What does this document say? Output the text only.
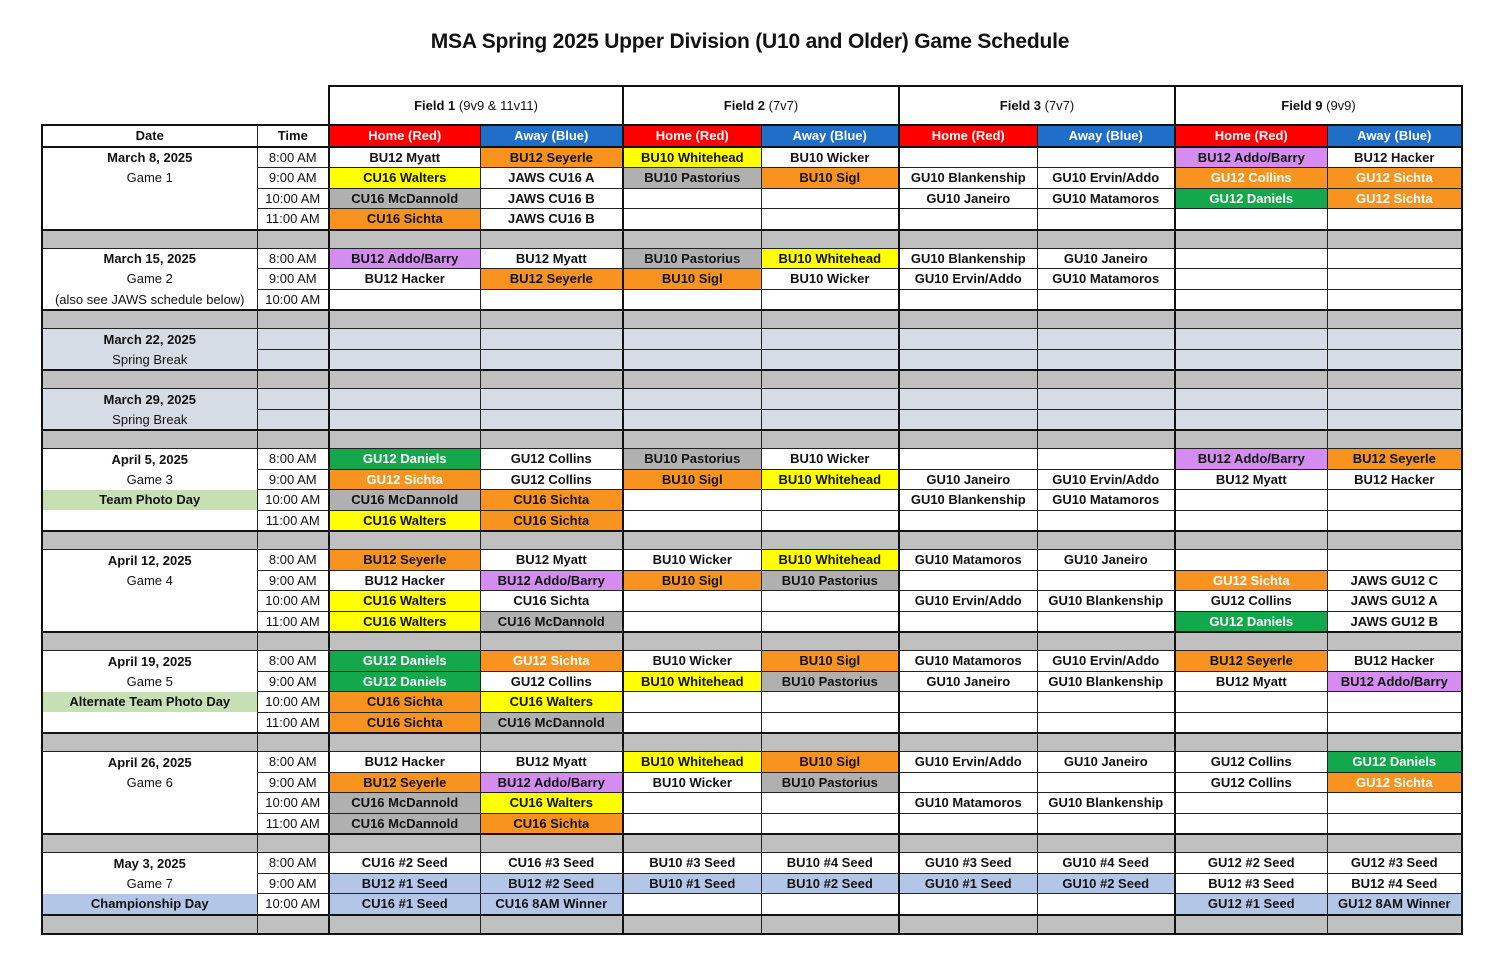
MSA Spring 2025 Upper Division (U10 and Older) Game Schedule
		Field 1 (9v9 & 11v11)		Field 2 (7v7)		Field 3 (7v7)		Field 9 (9v9)	
Date	Time	Home (Red)	Away (Blue)	Home (Red)	Away (Blue)	Home (Red)	Away (Blue)	Home (Red)	Away (Blue)
March 8, 2025	8:00 AM	BU12 Myatt	BU12 Seyerle	BU10 Whitehead	BU10 Wicker			BU12 Addo/Barry	BU12 Hacker
Game 1	9:00 AM	CU16 Walters	JAWS CU16 A	BU10 Pastorius	BU10 Sigl	GU10 Blankenship	GU10 Ervin/Addo	GU12 Collins	GU12 Sichta
	10:00 AM	CU16 McDannold	JAWS CU16 B			GU10 Janeiro	GU10 Matamoros	GU12 Daniels	GU12 Sichta
	11:00 AM	CU16 Sichta	JAWS CU16 B						

March 15, 2025	8:00 AM	BU12 Addo/Barry	BU12 Myatt	BU10 Pastorius	BU10 Whitehead	GU10 Blankenship	GU10 Janeiro		
Game 2	9:00 AM	BU12 Hacker	BU12 Seyerle	BU10 Sigl	BU10 Wicker	GU10 Ervin/Addo	GU10 Matamoros		
(also see JAWS schedule below)	10:00 AM								

March 22, 2025									
Spring Break									

March 29, 2025									
Spring Break									

April 5, 2025	8:00 AM	GU12 Daniels	GU12 Collins	BU10 Pastorius	BU10 Wicker			BU12 Addo/Barry	BU12 Seyerle
Game 3	9:00 AM	GU12 Sichta	GU12 Collins	BU10 Sigl	BU10 Whitehead	GU10 Janeiro	GU10 Ervin/Addo	BU12 Myatt	BU12 Hacker
Team Photo Day	10:00 AM	CU16 McDannold	CU16 Sichta			GU10 Blankenship	GU10 Matamoros		
	11:00 AM	CU16 Walters	CU16 Sichta						

April 12, 2025	8:00 AM	BU12 Seyerle	BU12 Myatt	BU10 Wicker	BU10 Whitehead	GU10 Matamoros	GU10 Janeiro		
Game 4	9:00 AM	BU12 Hacker	BU12 Addo/Barry	BU10 Sigl	BU10 Pastorius			GU12 Sichta	JAWS GU12 C
	10:00 AM	CU16 Walters	CU16 Sichta			GU10 Ervin/Addo	GU10 Blankenship	GU12 Collins	JAWS GU12 A
	11:00 AM	CU16 Walters	CU16 McDannold					GU12 Daniels	JAWS GU12 B

April 19, 2025	8:00 AM	GU12 Daniels	GU12 Sichta	BU10 Wicker	BU10 Sigl	GU10 Matamoros	GU10 Ervin/Addo	BU12 Seyerle	BU12 Hacker
Game 5	9:00 AM	GU12 Daniels	GU12 Collins	BU10 Whitehead	BU10 Pastorius	GU10 Janeiro	GU10 Blankenship	BU12 Myatt	BU12 Addo/Barry
Alternate Team Photo Day	10:00 AM	CU16 Sichta	CU16 Walters						
	11:00 AM	CU16 Sichta	CU16 McDannold						

April 26, 2025	8:00 AM	BU12 Hacker	BU12 Myatt	BU10 Whitehead	BU10 Sigl	GU10 Ervin/Addo	GU10 Janeiro	GU12 Collins	GU12 Daniels
Game 6	9:00 AM	BU12 Seyerle	BU12 Addo/Barry	BU10 Wicker	BU10 Pastorius			GU12 Collins	GU12 Sichta
	10:00 AM	CU16 McDannold	CU16 Walters			GU10 Matamoros	GU10 Blankenship		
	11:00 AM	CU16 McDannold	CU16 Sichta						

May 3, 2025	8:00 AM	CU16 #2 Seed	CU16 #3 Seed	BU10 #3 Seed	BU10 #4 Seed	GU10 #3 Seed	GU10 #4 Seed	GU12 #2 Seed	GU12 #3 Seed
Game 7	9:00 AM	BU12 #1 Seed	BU12 #2 Seed	BU10 #1 Seed	BU10 #2 Seed	GU10 #1 Seed	GU10 #2 Seed	BU12 #3 Seed	BU12 #4 Seed
Championship Day	10:00 AM	CU16 #1 Seed	CU16 8AM Winner					GU12 #1 Seed	GU12 8AM Winner
